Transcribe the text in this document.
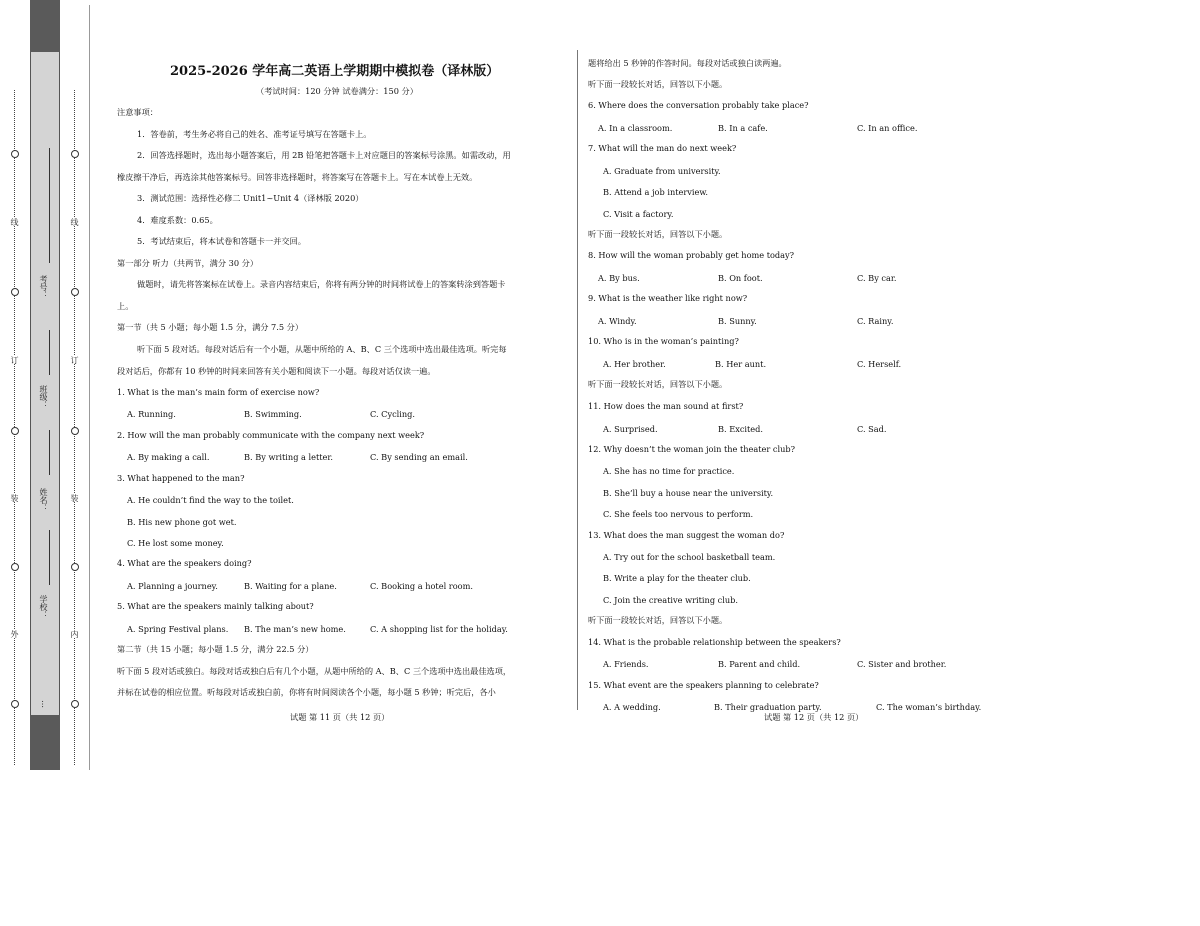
线
订
装
外
考号：
班级：
姓名：
学校：
…
线
订
装
内
2025-2026 学年高二英语上学期期中模拟卷（译林版）
（考试时间：120 分钟 试卷满分：150 分）
注意事项：
1．答卷前，考生务必将自己的姓名、准考证号填写在答题卡上。
2．回答选择题时，选出每小题答案后，用 2B 铅笔把答题卡上对应题目的答案标号涂黑。如需改动，用
橡皮擦干净后，再选涂其他答案标号。回答非选择题时，将答案写在答题卡上。写在本试卷上无效。
3．测试范围：选择性必修二 Unit1~Unit 4（译林版 2020）
4．难度系数：0.65。
5．考试结束后，将本试卷和答题卡一并交回。
第一部分 听力（共两节，满分 30 分）
做题时，请先将答案标在试卷上。录音内容结束后，你将有两分钟的时间将试卷上的答案转涂到答题卡
上。
第一节（共 5 小题；每小题 1.5 分，满分 7.5 分）
听下面 5 段对话。每段对话后有一个小题，从题中所给的 A、B、C 三个选项中选出最佳选项。听完每
段对话后，你都有 10 秒钟的时间来回答有关小题和阅读下一小题。每段对话仅读一遍。
1. What is the man’s main form of exercise now?
A. Running.	B. Swimming.	C. Cycling.
2. How will the man probably communicate with the company next week?
A. By making a call.	B. By writing a letter.	C. By sending an email.
3. What happened to the man?
A. He couldn’t find the way to the toilet.
B. His new phone got wet.
C. He lost some money.
4. What are the speakers doing?
A. Planning a journey.	B. Waiting for a plane.	C. Booking a hotel room.
5. What are the speakers mainly talking about?
A. Spring Festival plans. B. The man’s new home.	C. A shopping list for the holiday.
第二节（共 15 小题；每小题 1.5 分，满分 22.5 分）
听下面 5 段对话或独白。每段对话或独白后有几个小题，从题中所给的 A、B、C 三个选项中选出最佳选项，
并标在试卷的相应位置。听每段对话或独白前，你将有时间阅读各个小题，每小题 5 秒钟；听完后，各小
试题 第 11 页（共 12 页）
题将给出 5 秒钟的作答时间。每段对话或独白读两遍。
听下面一段较长对话，回答以下小题。
6. Where does the conversation probably take place?
A. In a classroom.	B. In a cafe.	C. In an office.
7. What will the man do next week?
A. Graduate from university.
B. Attend a job interview.
C. Visit a factory.
听下面一段较长对话，回答以下小题。
8. How will the woman probably get home today?
A. By bus.	B. On foot.	C. By car.
9. What is the weather like right now?
A. Windy.	B. Sunny.	C. Rainy.
10. Who is in the woman’s painting?
A. Her brother.	B. Her aunt.	C. Herself.
听下面一段较长对话，回答以下小题。
11. How does the man sound at first?
A. Surprised.	B. Excited.	C. Sad.
12. Why doesn’t the woman join the theater club?
A. She has no time for practice.
B. She’ll buy a house near the university.
C. She feels too nervous to perform.
13. What does the man suggest the woman do?
A. Try out for the school basketball team.
B. Write a play for the theater club.
C. Join the creative writing club.
听下面一段较长对话，回答以下小题。
14. What is the probable relationship between the speakers?
A. Friends.	B. Parent and child.	C. Sister and brother.
15. What event are the speakers planning to celebrate?
A. A wedding.	B. Their graduation party.	C. The woman’s birthday.
试题 第 12 页（共 12 页）
